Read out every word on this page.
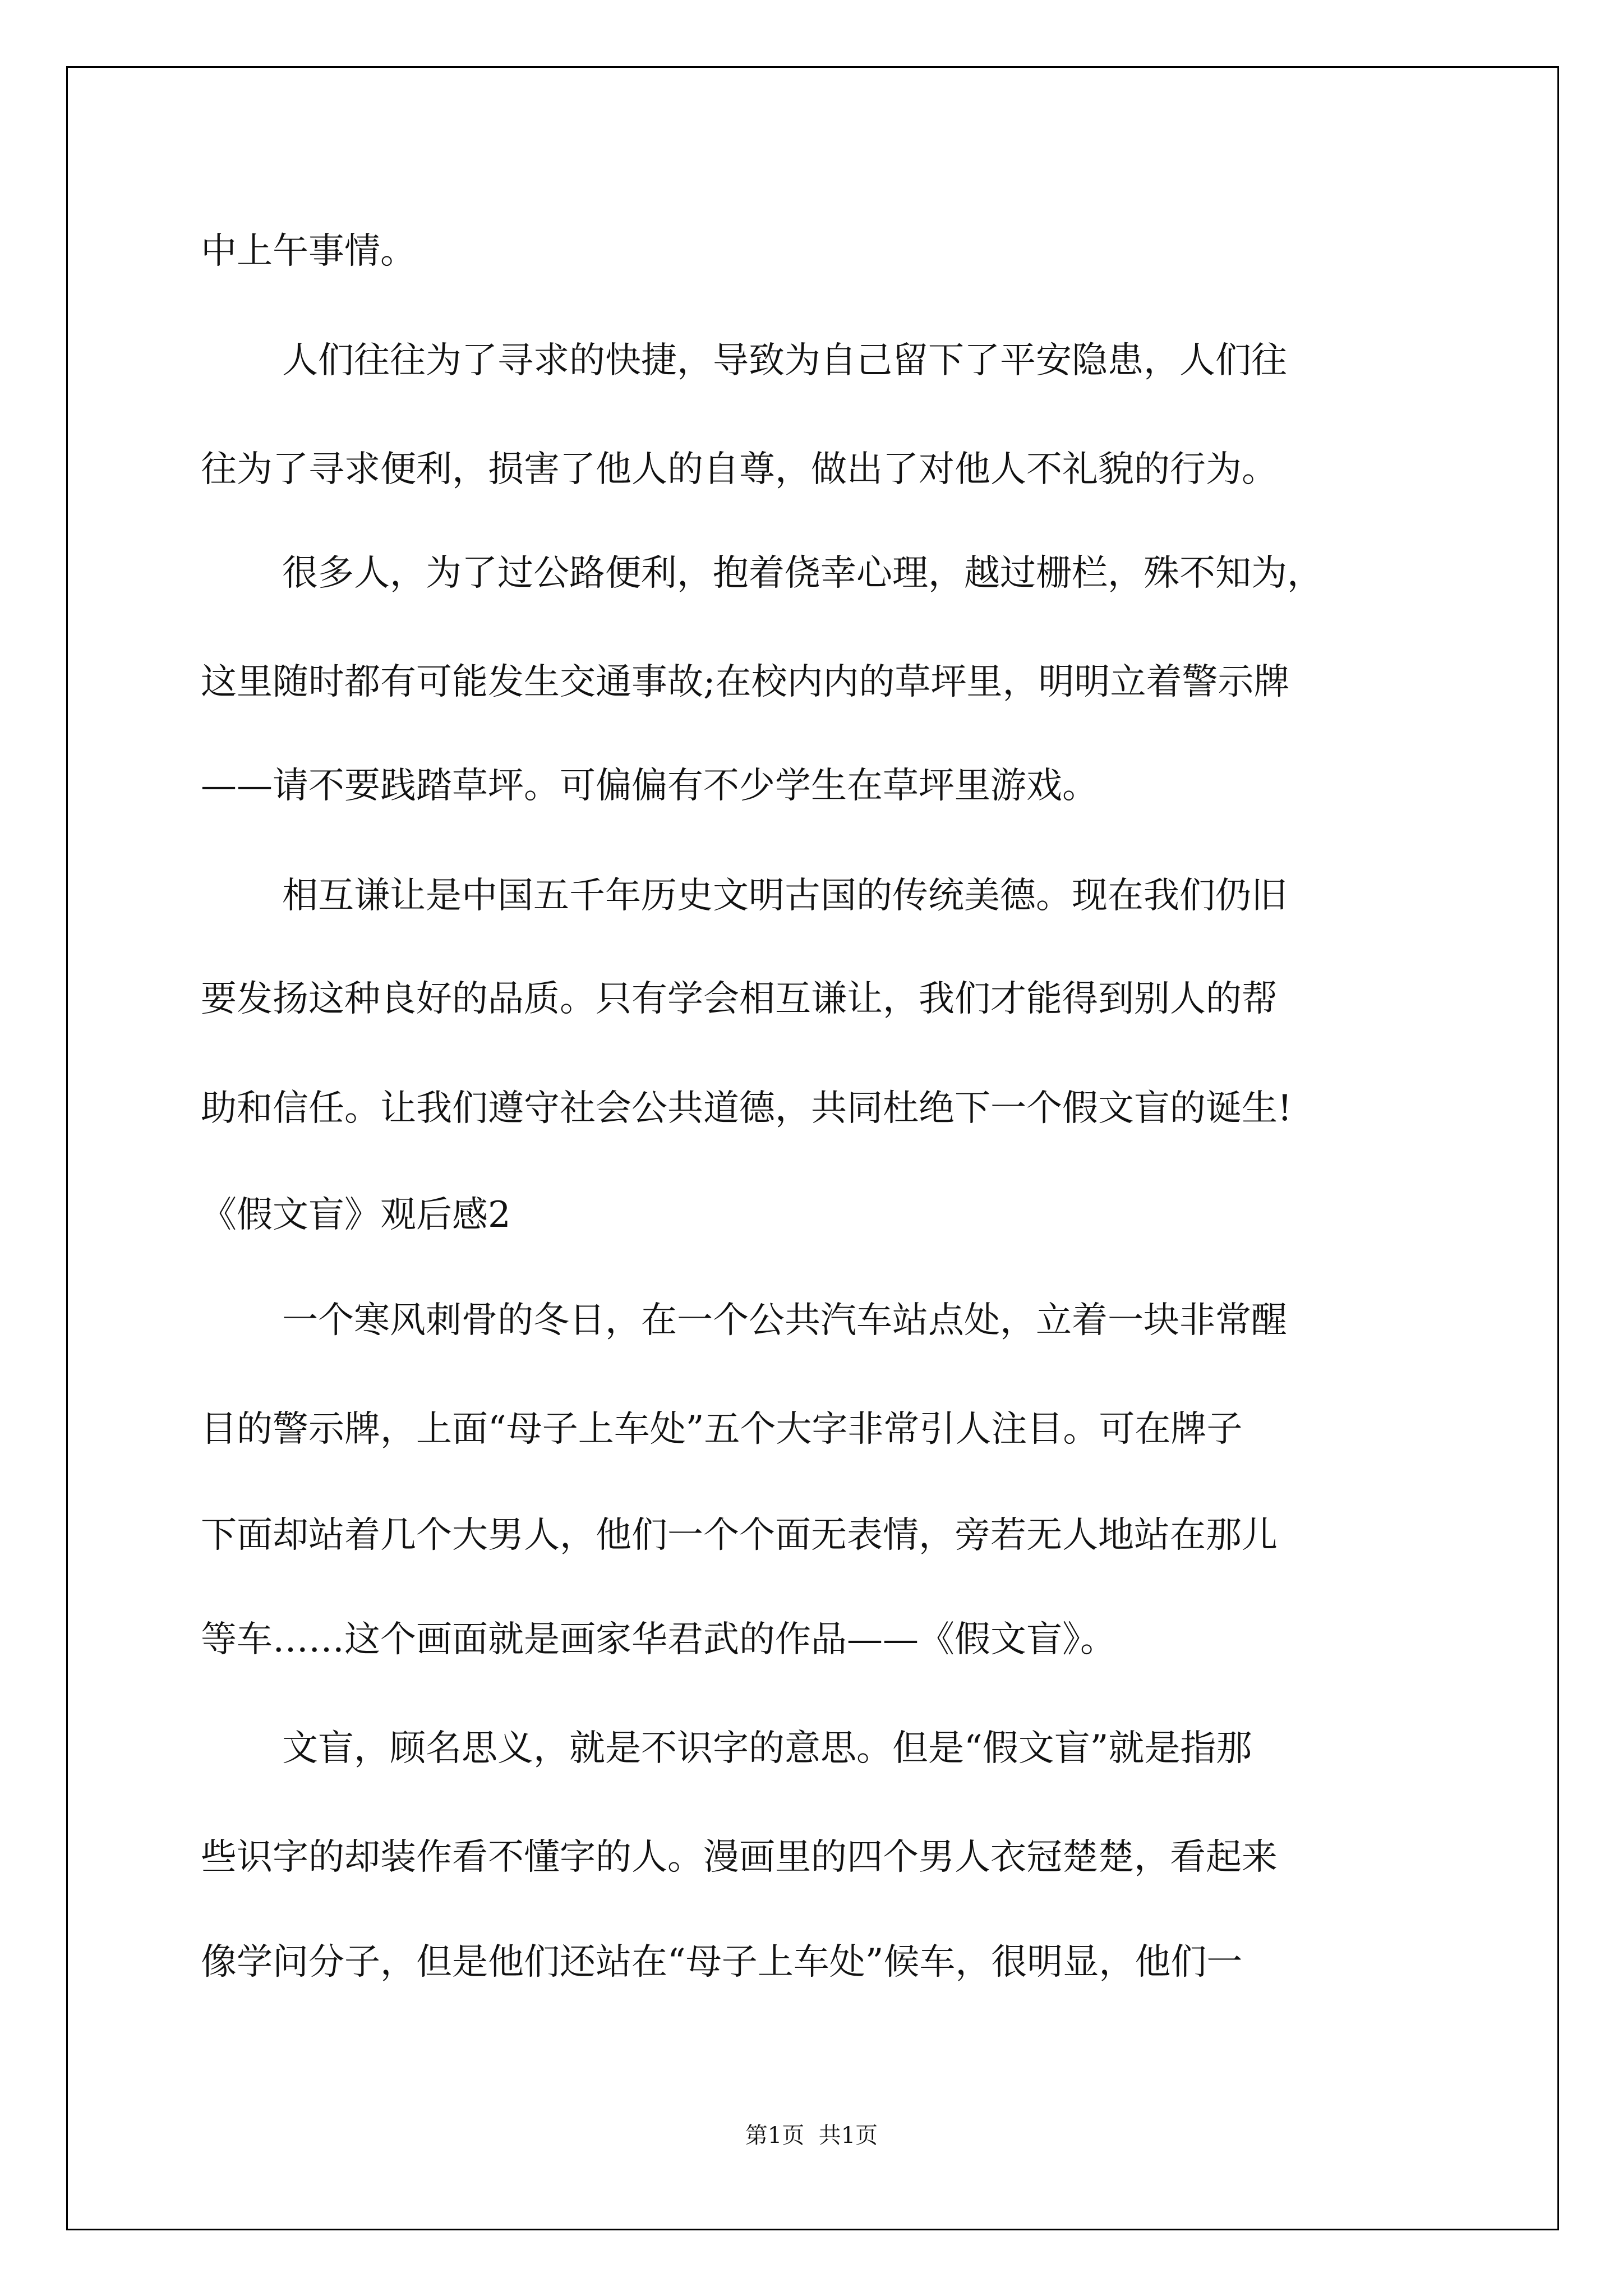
中上午事情。

人们往往为了寻求的快捷，导致为自己留下了平安隐患，人们往

往为了寻求便利，损害了他人的自尊，做出了对他人不礼貌的行为。

很多人，为了过公路便利，抱着侥幸心理，越过栅栏，殊不知为，

这里随时都有可能发生交通事故;在校内内的草坪里，明明立着警示牌

——请不要践踏草坪。可偏偏有不少学生在草坪里游戏。

相互谦让是中国五千年历史文明古国的传统美德。现在我们仍旧

要发扬这种良好的品质。只有学会相互谦让，我们才能得到别人的帮

助和信任。让我们遵守社会公共道德，共同杜绝下一个假文盲的诞生!

《假文盲》观后感2

一个寒风刺骨的冬日，在一个公共汽车站点处，立着一块非常醒

目的警示牌，上面“母子上车处”五个大字非常引人注目。可在牌子

下面却站着几个大男人，他们一个个面无表情，旁若无人地站在那儿

等车……这个画面就是画家华君武的作品——《假文盲》。

文盲，顾名思义，就是不识字的意思。但是“假文盲”就是指那

些识字的却装作看不懂字的人。漫画里的四个男人衣冠楚楚，看起来

像学问分子，但是他们还站在“母子上车处”候车，很明显，他们一

第1页  共1页
